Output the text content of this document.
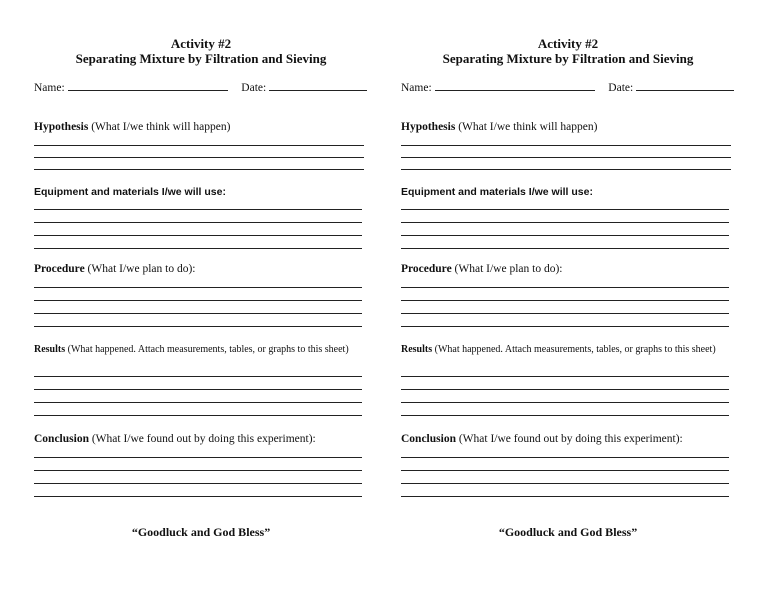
Activity #2
Separating Mixture by Filtration and Sieving
Name:	Date:
Hypothesis (What I/we think will happen)
Equipment and materials I/we will use:
Procedure (What I/we plan to do):
Results (What happened. Attach measurements, tables, or graphs to this sheet)
Conclusion (What I/we found out by doing this experiment):
“Goodluck and God Bless”
Activity #2
Separating Mixture by Filtration and Sieving
Name:	Date:
Hypothesis (What I/we think will happen)
Equipment and materials I/we will use:
Procedure (What I/we plan to do):
Results (What happened. Attach measurements, tables, or graphs to this sheet)
Conclusion (What I/we found out by doing this experiment):
“Goodluck and God Bless”
